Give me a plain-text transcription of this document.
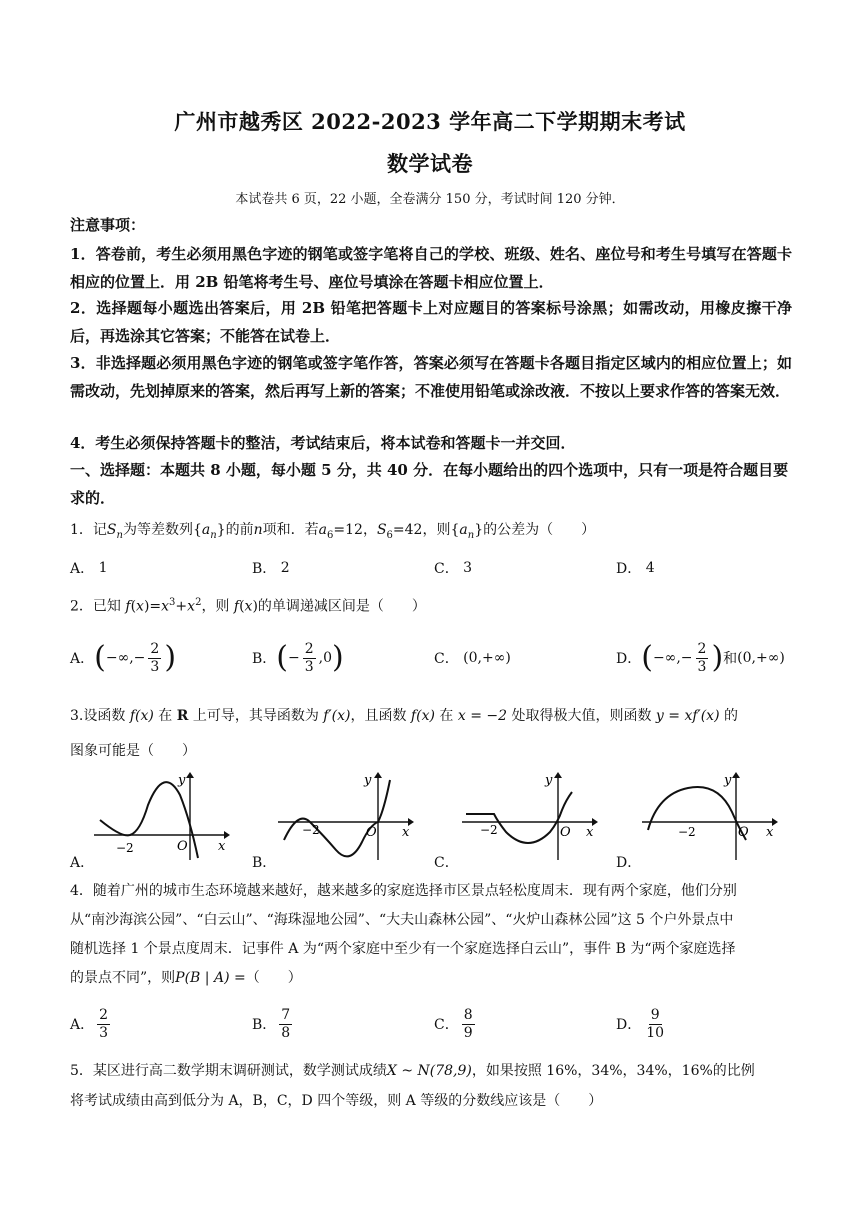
广州市越秀区 2022-2023 学年高二下学期期末考试
数学试卷
本试卷共 6 页，22 小题，全卷满分 150 分，考试时间 120 分钟．
注意事项：
1．答卷前，考生必须用黑色字迹的钢笔或签字笔将自己的学校、班级、姓名、座位号和考生号填写在答题卡相应的位置上．用 2B 铅笔将考生号、座位号填涂在答题卡相应位置上．
2．选择题每小题选出答案后，用 2B 铅笔把答题卡上对应题目的答案标号涂黑；如需改动，用橡皮擦干净后，再选涂其它答案；不能答在试卷上．
3．非选择题必须用黑色字迹的钢笔或签字笔作答，答案必须写在答题卡各题目指定区域内的相应位置上；如需改动，先划掉原来的答案，然后再写上新的答案；不准使用铅笔或涂改液．不按以上要求作答的答案无效．
4．考生必须保持答题卡的整洁，考试结束后，将本试卷和答题卡一并交回．
一、选择题：本题共 8 小题，每小题 5 分，共 40 分．在每小题给出的四个选项中，只有一项是符合题目要求的．
1．记$S_n$为等差数列$\{a_n\}$的前n项和．若$a_6=12$，$S_6=42$，则$\{a_n\}$的公差为（　　）
A．
1	B．
2	C．
3	D．
4
2．已知 $f(x)=x^3+x^2$，则 f(x)的单调递减区间是（　　）
A． ( −∞,− $\frac{2}{3}$ )	B． ( − $\frac{2}{3} ,0$ )	C．
(0,+∞)	D． ( −∞,− $\frac{2}{3}$ ) 和 (0,+∞)
3.设函数 f(x) 在 R 上可导，其导函数为 f′(x)，且函数 f(x) 在 x = −2 处取得极大值，则函数 y = xf′(x) 的
图象可能是（　　）
A．
y
x
O
−2
B．
y
x
O
−2
C．
y
x
O
−2
D．
y
x
O
−2
4．随着广州的城市生态环境越来越好，越来越多的家庭选择市区景点轻松度周末．现有两个家庭，他们分别
从“南沙海滨公园”、“白云山”、“海珠湿地公园”、“大夫山森林公园”、“火炉山森林公园”这 5 个户外景点中
随机选择 1 个景点度周末．记事件 A 为“两个家庭中至少有一个家庭选择白云山”，事件 B 为“两个家庭选择
的景点不同”，则P(B | A) =（　　）
A． $\frac{2}{3}$	B． $\frac{7}{8}$	C． $\frac{8}{9}$	D． $\frac{9}{10}$
5．某区进行高二数学期末调研测试，数学测试成绩X ~ N(78,9)，如果按照 16%，34%，34%，16%的比例
将考试成绩由高到低分为 A，B，C，D 四个等级，则 A 等级的分数线应该是（　　）
